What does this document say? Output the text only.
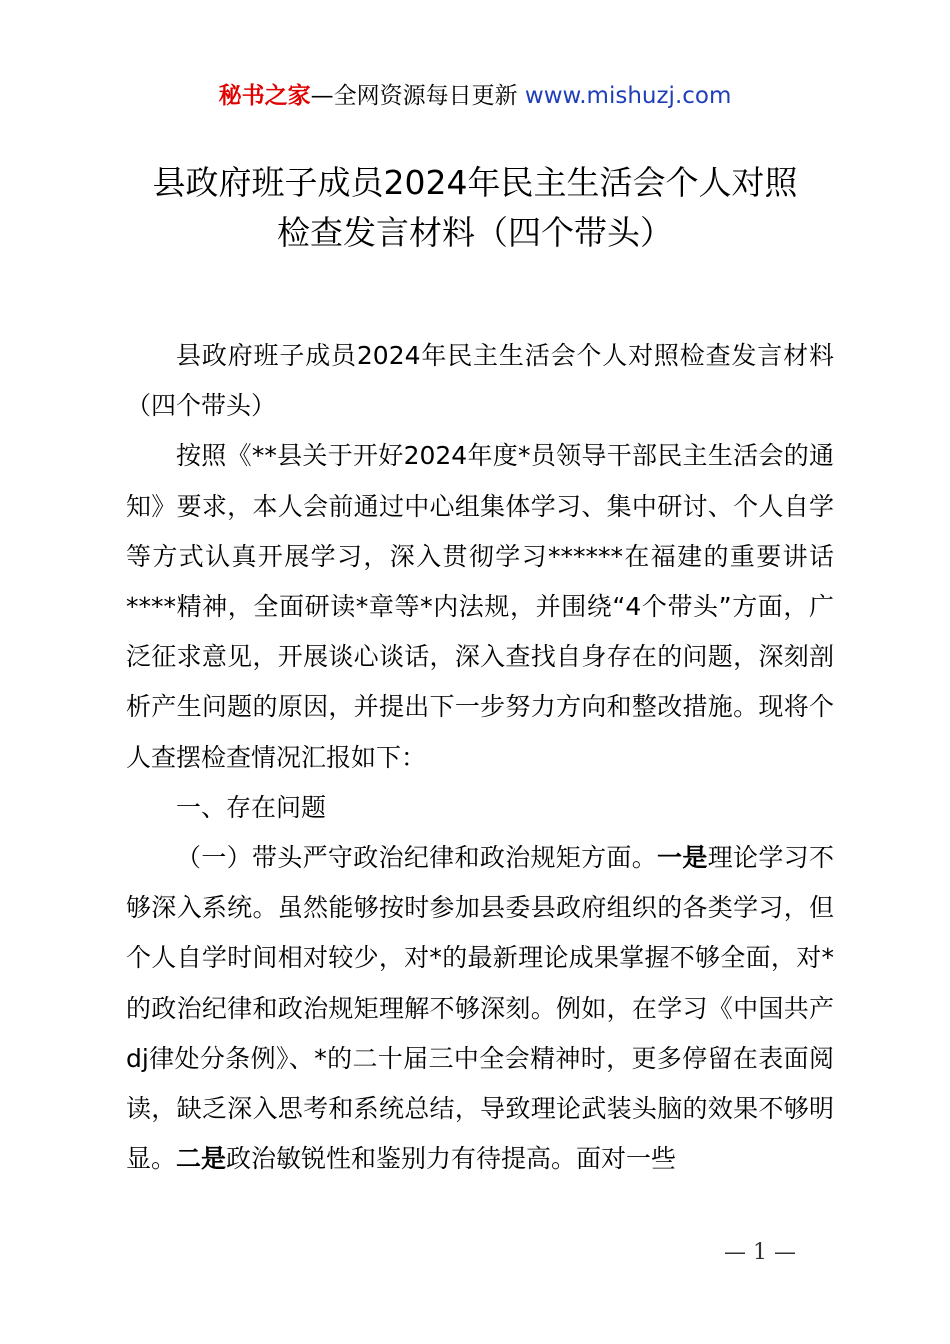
秘书之家—全网资源每日更新 www.mishuzj.com
县政府班子成员2024年民主生活会个人对照
检查发言材料（四个带头）

县政府班子成员2024年民主生活会个人对照检查发言材料（四个带头）

按照《**县关于开好2024年度*员领导干部民主生活会的通知》要求，本人会前通过中心组集体学习、集中研讨、个人自学等方式认真开展学习，深入贯彻学习******在福建的重要讲话****精神，全面研读*章等*内法规，并围绕“4个带头”方面，广泛征求意见，开展谈心谈话，深入查找自身存在的问题，深刻剖析产生问题的原因，并提出下一步努力方向和整改措施。现将个人查摆检查情况汇报如下：

一、存在问题

（一）带头严守政治纪律和政治规矩方面。一是理论学习不够深入系统。虽然能够按时参加县委县政府组织的各类学习，但个人自学时间相对较少，对*的最新理论成果掌握不够全面，对*的政治纪律和政治规矩理解不够深刻。例如，在学习《中国共产dj律处分条例》、*的二十届三中全会精神时，更多停留在表面阅读，缺乏深入思考和系统总结，导致理论武装头脑的效果不够明显。二是政治敏锐性和鉴别力有待提高。面对一些

— 1 —
